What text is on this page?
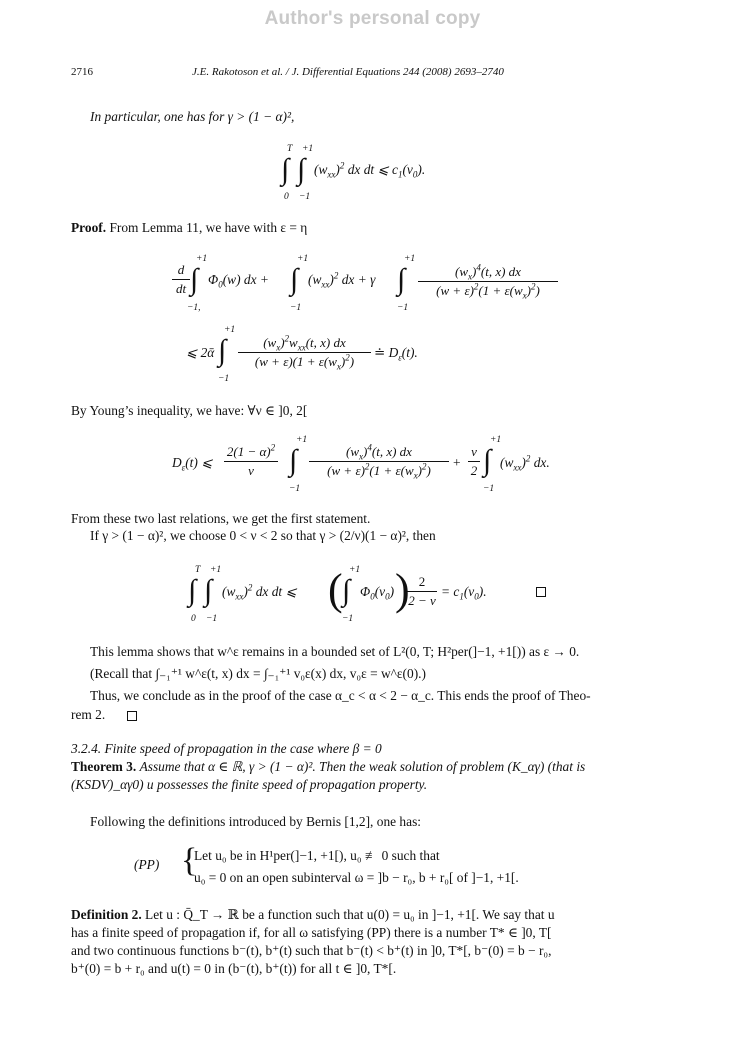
Author's personal copy
2716	J.E. Rakotoson et al. / J. Differential Equations 244 (2008) 2693–2740
In particular, one has for γ > (1 − α)²,
T +1
∫ ∫
0 −1
$(w_{xx})^2$ dx dt ⩽ $c_1(v_0)$.
Proof. From Lemma 11, we have with ε = η
d
dt
+1
∫
−1,
$\Phi_0(w)$ dx +
+1
∫
−1
$(w_{xx})^2$ dx + γ
+1
∫
−1
$(w_x)^4(t$, x) dx
$(w + \varepsilon)^2(1 + \varepsilon(w_x)^2)$
⩽ 2ᾱ
+1
∫
−1
$(w_x)^2w_{xx}(t$, x) dx
$(w + \varepsilon)(1 + \varepsilon(w_x)^2)$
≐ $D_\varepsilon(t)$.
By Young’s inequality, we have: ∀ν ∈ ]0, 2[
$D_\varepsilon(t)$ ⩽
$2(1 - \alpha)^2$
ν
+1
∫
−1
$(w_x)^4(t$, x) dx
$(w + \varepsilon)^2(1 + \varepsilon(w_x)^2)$
+
ν
2
+1
∫
−1
$(w_{xx})^2$ dx.
From these two last relations, we get the first statement.
If γ > (1 − α)², we choose 0 < ν < 2 so that γ > (2/ν)(1 − α)², then
T +1
∫ ∫
0 −1
$(w_{xx})^2$ dx dt ⩽ ( +1
∫
−1
$\Phi_0(v_0)$ ) 2
2 − ν
= $c_1(v_0)$.
This lemma shows that w^ε remains in a bounded set of L²(0, T; H²per(]−1, +1[)) as ε → 0.
(Recall that ∫₋₁⁺¹ w^ε(t, x) dx = ∫₋₁⁺¹ v₀ε(x) dx, v₀ε = w^ε(0).)
Thus, we conclude as in the proof of the case α_c < α < 2 − α_c. This ends the proof of Theo-
rem 2.
3.2.4. Finite speed of propagation in the case where β = 0
Theorem 3. Assume that α ∈ ℝ, γ > (1 − α)². Then the weak solution of problem (K_αγ) (that is
(KSDV)_αγ0) u possesses the finite speed of propagation property.
Following the definitions introduced by Bernis [1,2], one has:
(PP) {
Let u₀ be in H¹per(]−1, +1[), u₀ ≢ 0 such that
u₀ = 0 on an open subinterval ω = ]b − r₀, b + r₀[ of ]−1, +1[.
Definition 2. Let u : Q̄_T → ℝ be a function such that u(0) = u₀ in ]−1, +1[. We say that u
has a finite speed of propagation if, for all ω satisfying (PP) there is a number T* ∈ ]0, T[
and two continuous functions b⁻(t), b⁺(t) such that b⁻(t) < b⁺(t) in ]0, T*[, b⁻(0) = b − r₀,
b⁺(0) = b + r₀ and u(t) = 0 in (b⁻(t), b⁺(t)) for all t ∈ ]0, T*[.
